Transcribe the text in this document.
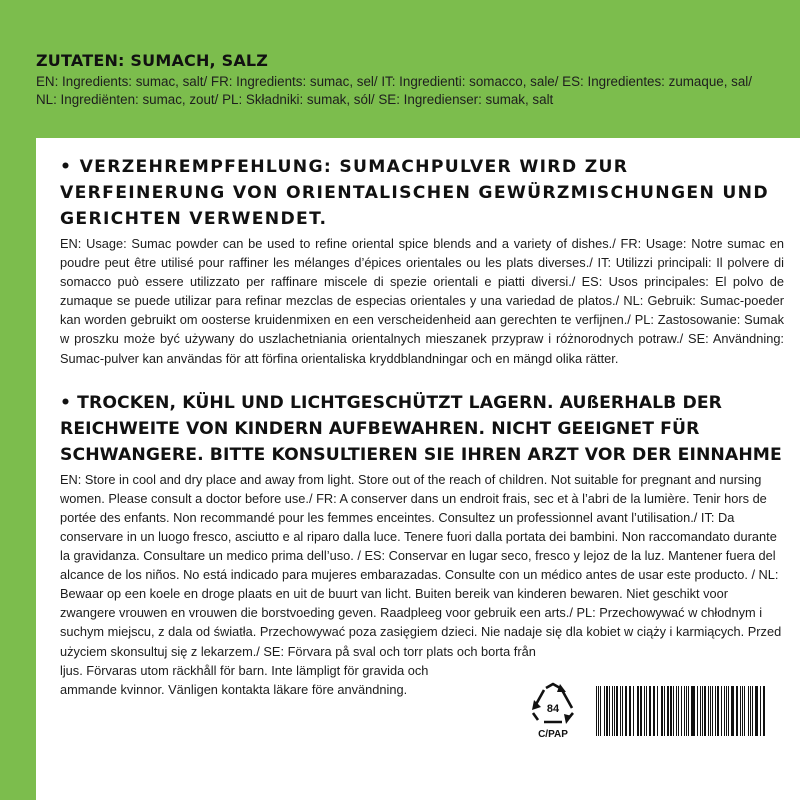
ZUTATEN: SUMACH, SALZ
EN: Ingredients: sumac, salt/ FR: Ingredients: sumac, sel/ IT: Ingredienti: somacco, sale/ ES: Ingredientes: zumaque, sal/ NL: Ingrediënten: sumac, zout/ PL: Składniki: sumak, sól/ SE: Ingredienser: sumak, salt
• VERZEHREMPFEHLUNG: SUMACHPULVER WIRD ZUR VERFEINERUNG VON ORIENTALISCHEN GEWÜRZMISCHUNGEN UND GERICHTEN VERWENDET.
EN: Usage: Sumac powder can be used to refine oriental spice blends and a variety of dishes./ FR: Usage: Notre sumac en poudre peut être utilisé pour raffiner les mélanges d’épices orientales ou les plats diverses./ IT: Utilizzi principali: Il polvere di somacco può essere utilizzato per raffinare miscele di spezie orientali e piatti diversi./ ES: Usos principales: El polvo de zumaque se puede utilizar para refinar mezclas de especias orientales y una variedad de platos./ NL: Gebruik: Sumac-poeder kan worden gebruikt om oosterse kruidenmixen en een verscheidenheid aan gerechten te verfijnen./ PL: Zastosowanie: Sumak w proszku może być używany do uszlachetniania orientalnych mieszanek przypraw i różnorodnych potraw./ SE: Användning: Sumac-pulver kan användas för att förfina orientaliska kryddblandningar och en mängd olika rätter.
• TROCKEN, KÜHL UND LICHTGESCHÜTZT LAGERN. AUßERHALB DER REICHWEITE VON KINDERN AUFBEWAHREN. NICHT GEEIGNET FÜR SCHWANGERE. BITTE KONSULTIEREN SIE IHREN ARZT VOR DER EINNAHME
EN: Store in cool and dry place and away from light. Store out of the reach of children. Not suitable for pregnant and nursing women. Please consult a doctor before use./ FR: A conserver dans un endroit frais, sec et à l’abri de la lumière. Tenir hors de portée des enfants. Non recommandé pour les femmes enceintes. Consultez un professionnel avant l’utilisation./ IT: Da conservare in un luogo fresco, asciutto e al riparo dalla luce. Tenere fuori dalla portata dei bambini. Non raccomandato durante la gravidanza. Consultare un medico prima dell’uso. / ES: Conservar en lugar seco, fresco y lejoz de la luz. Mantener fuera del alcance de los niños. No está indicado para mujeres embarazadas. Consulte con un médico antes de usar este producto. / NL: Bewaar op een koele en droge plaats en uit de buurt van licht. Buiten bereik van kinderen bewaren. Niet geschikt voor zwangere vrouwen en vrouwen die borstvoeding geven. Raadpleeg voor gebruik een arts./ PL: Przechowywać w chłodnym i suchym miejscu, z dala od światła. Przechowywać poza zasięgiem dzieci. Nie nadaje się dla kobiet w ciąży i karmiących. Przed użyciem skonsultuj się z lekarzem./ SE: Förvara på sval och torr plats och borta från
ljus. Förvaras utom räckhåll för barn. Inte lämpligt för gravida och
ammande kvinnor. Vänligen kontakta läkare före användning.
84
C/PAP
